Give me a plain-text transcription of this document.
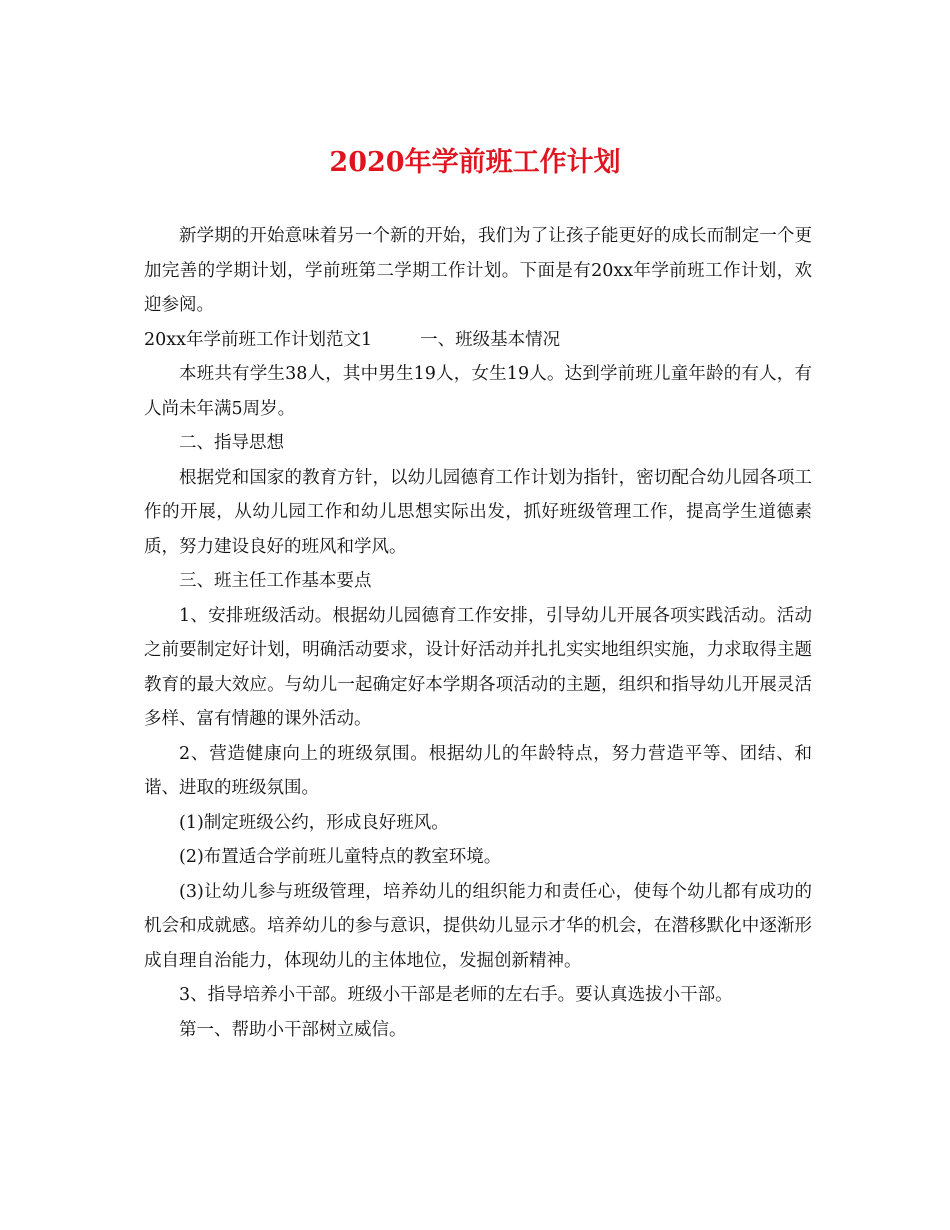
2020年学前班工作计划

新学期的开始意味着另一个新的开始，我们为了让孩子能更好的成长而制定一个更加完善的学期计划，学前班第二学期工作计划。下面是有20xx年学前班工作计划，欢迎参阅。

20xx年学前班工作计划范文1	一、班级基本情况

本班共有学生38人，其中男生19人，女生19人。达到学前班儿童年龄的有人，有人尚未年满5周岁。

二、指导思想

根据党和国家的教育方针，以幼儿园德育工作计划为指针，密切配合幼儿园各项工作的开展，从幼儿园工作和幼儿思想实际出发，抓好班级管理工作，提高学生道德素质，努力建设良好的班风和学风。

三、班主任工作基本要点

1、安排班级活动。根据幼儿园德育工作安排，引导幼儿开展各项实践活动。活动之前要制定好计划，明确活动要求，设计好活动并扎扎实实地组织实施，力求取得主题教育的最大效应。与幼儿一起确定好本学期各项活动的主题，组织和指导幼儿开展灵活多样、富有情趣的课外活动。

2、营造健康向上的班级氛围。根据幼儿的年龄特点，努力营造平等、团结、和谐、进取的班级氛围。

(1)制定班级公约，形成良好班风。

(2)布置适合学前班儿童特点的教室环境。

(3)让幼儿参与班级管理，培养幼儿的组织能力和责任心，使每个幼儿都有成功的机会和成就感。培养幼儿的参与意识，提供幼儿显示才华的机会，在潜移默化中逐渐形成自理自治能力，体现幼儿的主体地位，发掘创新精神。

3、指导培养小干部。班级小干部是老师的左右手。要认真选拔小干部。

第一、帮助小干部树立威信。
